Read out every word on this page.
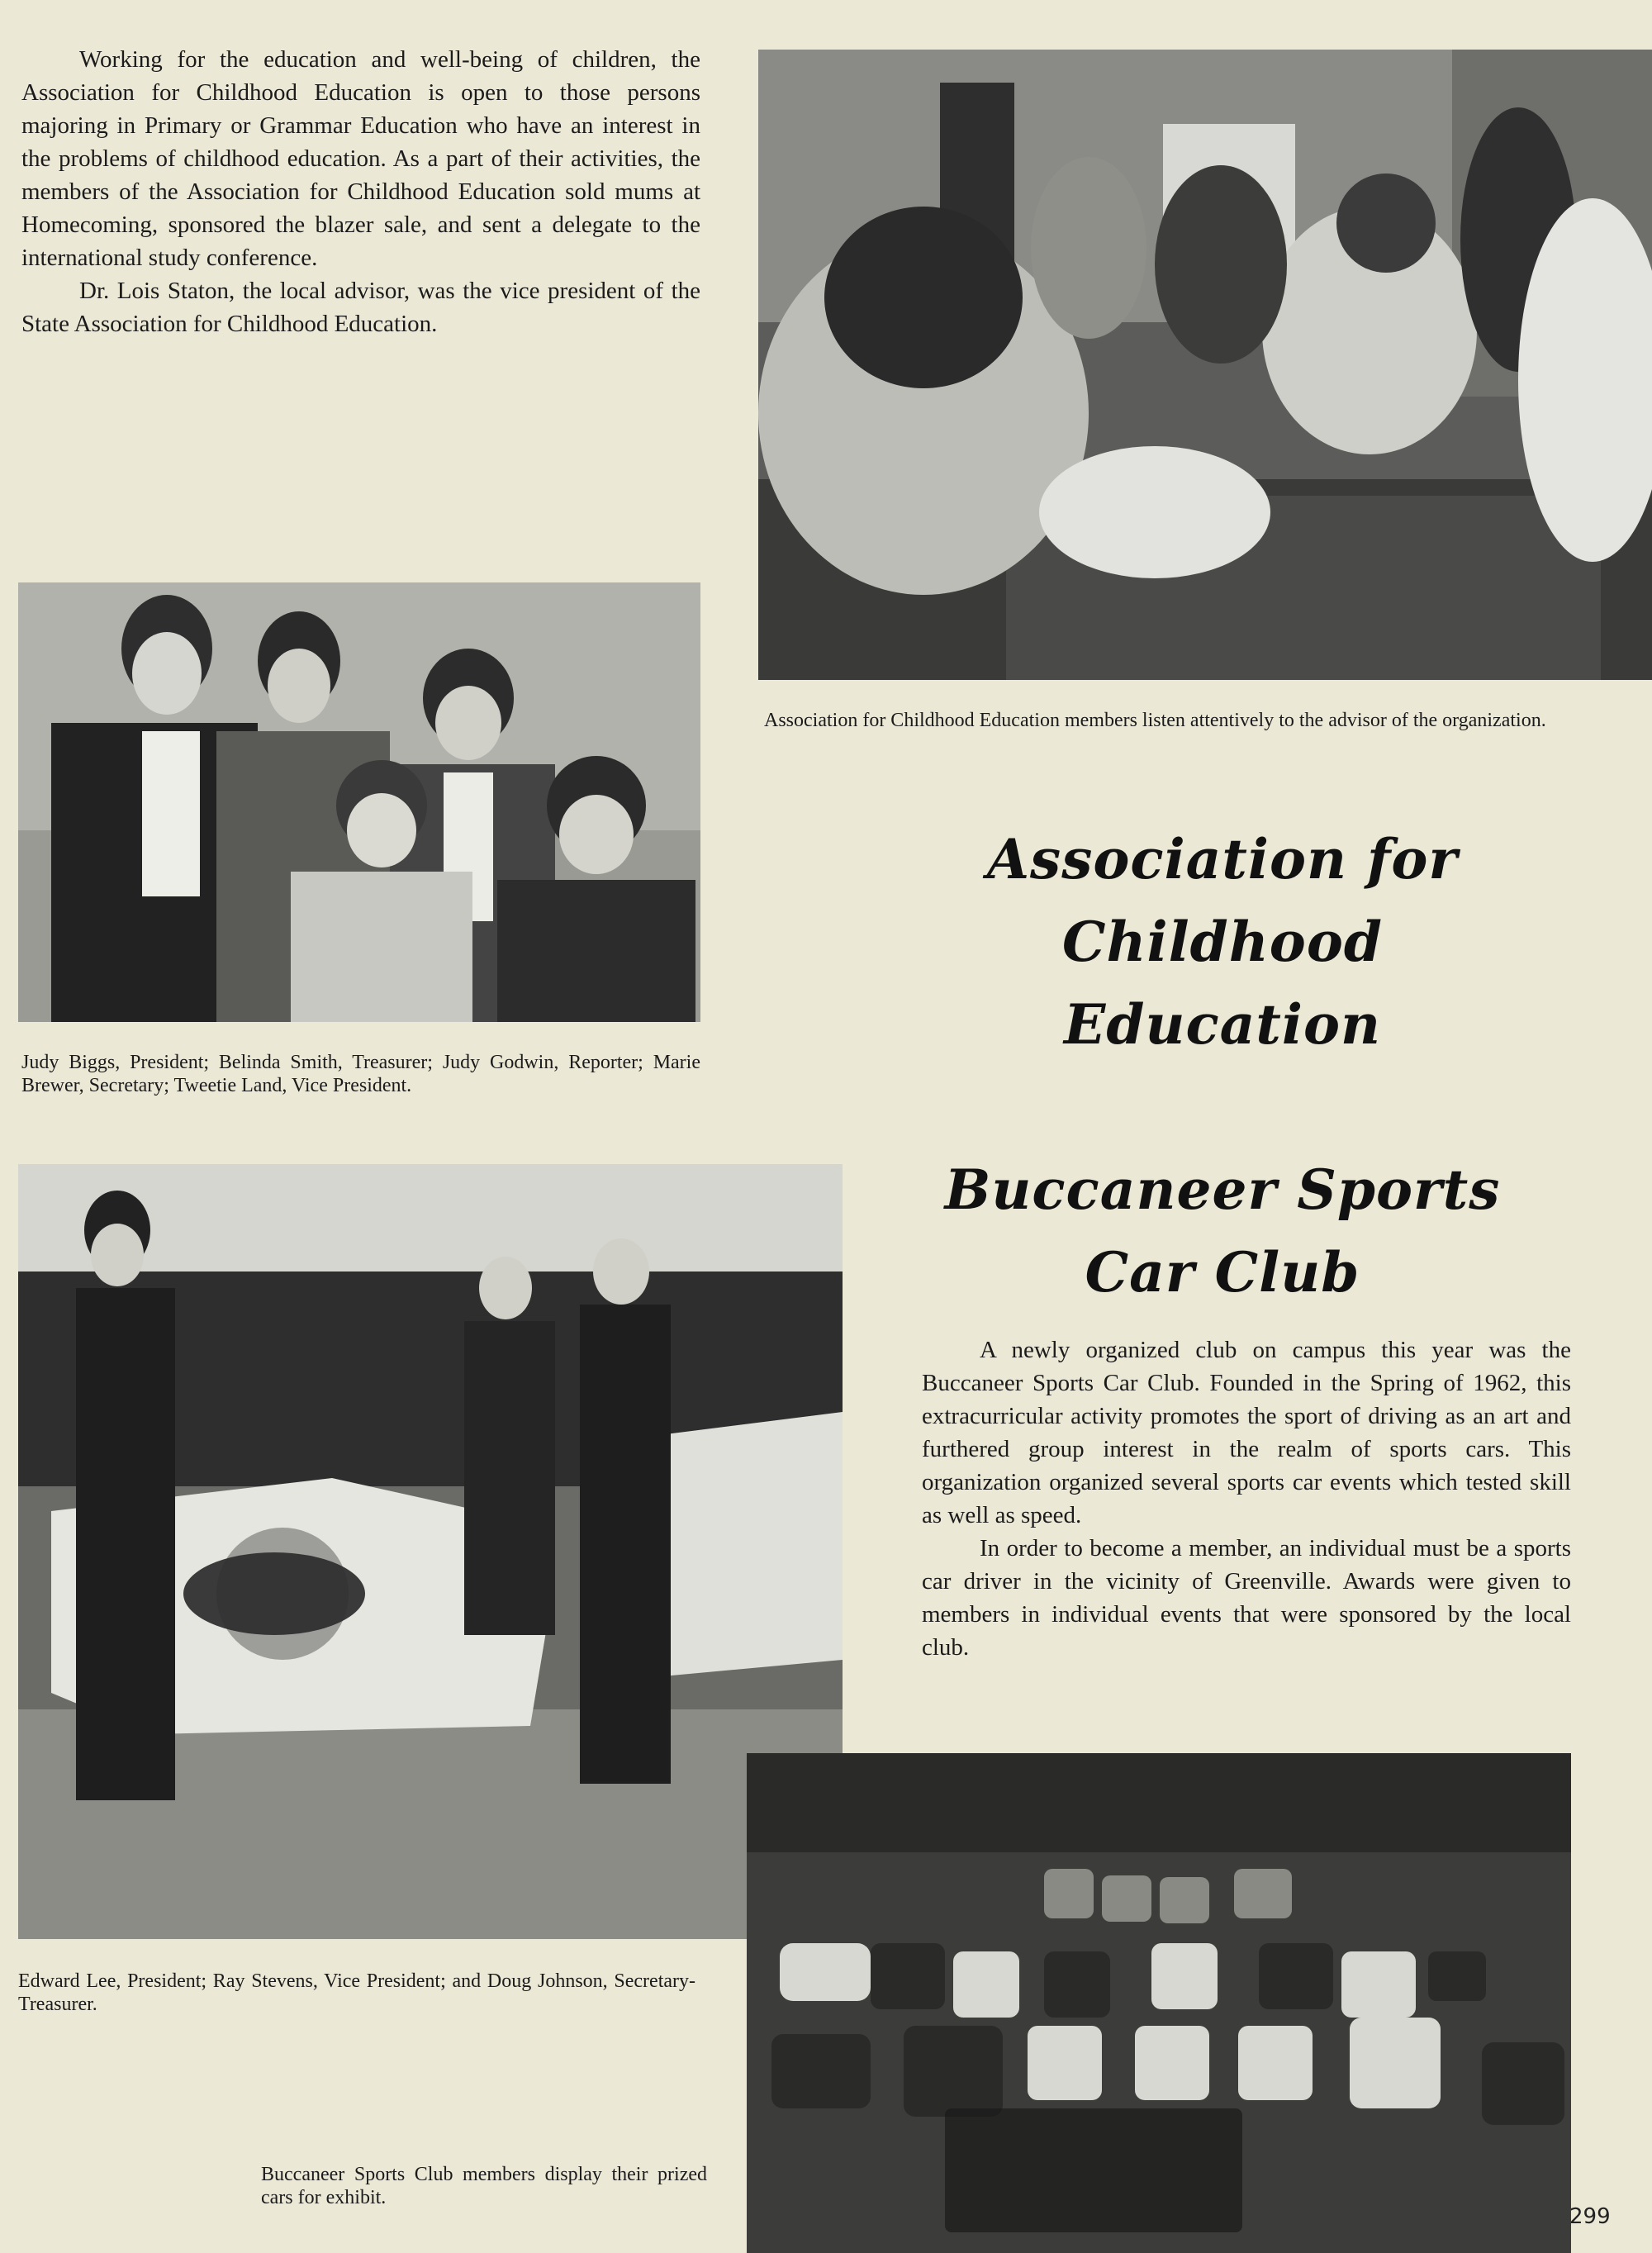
Working for the education and well-being of children, the Association for Childhood Education is open to those persons majoring in Primary or Grammar Education who have an interest in the problems of childhood education. As a part of their activities, the members of the Association for Childhood Education sold mums at Homecoming, sponsored the blazer sale, and sent a delegate to the international study conference.

Dr. Lois Staton, the local advisor, was the vice president of the State Association for Childhood Education.

Association for Childhood Education members listen attentively to the advisor of the organization.
Association for Childhood
Education
Judy Biggs, President; Belinda Smith, Treasurer; Judy Godwin, Reporter; Marie Brewer, Secretary; Tweetie Land, Vice President.
Edward Lee, President; Ray Stevens, Vice President; and Doug Johnson, Secretary-Treasurer.
Buccaneer Sports
Car Club

A newly organized club on campus this year was the Buccaneer Sports Car Club. Founded in the Spring of 1962, this extracurricular activity promotes the sport of driving as an art and furthered group interest in the realm of sports cars. This organization organized several sports car events which tested skill as well as speed.

In order to become a member, an individual must be a sports car driver in the vicinity of Greenville. Awards were given to members in individual events that were sponsored by the local club.

Buccaneer Sports Club members display their prized cars for exhibit.
299
